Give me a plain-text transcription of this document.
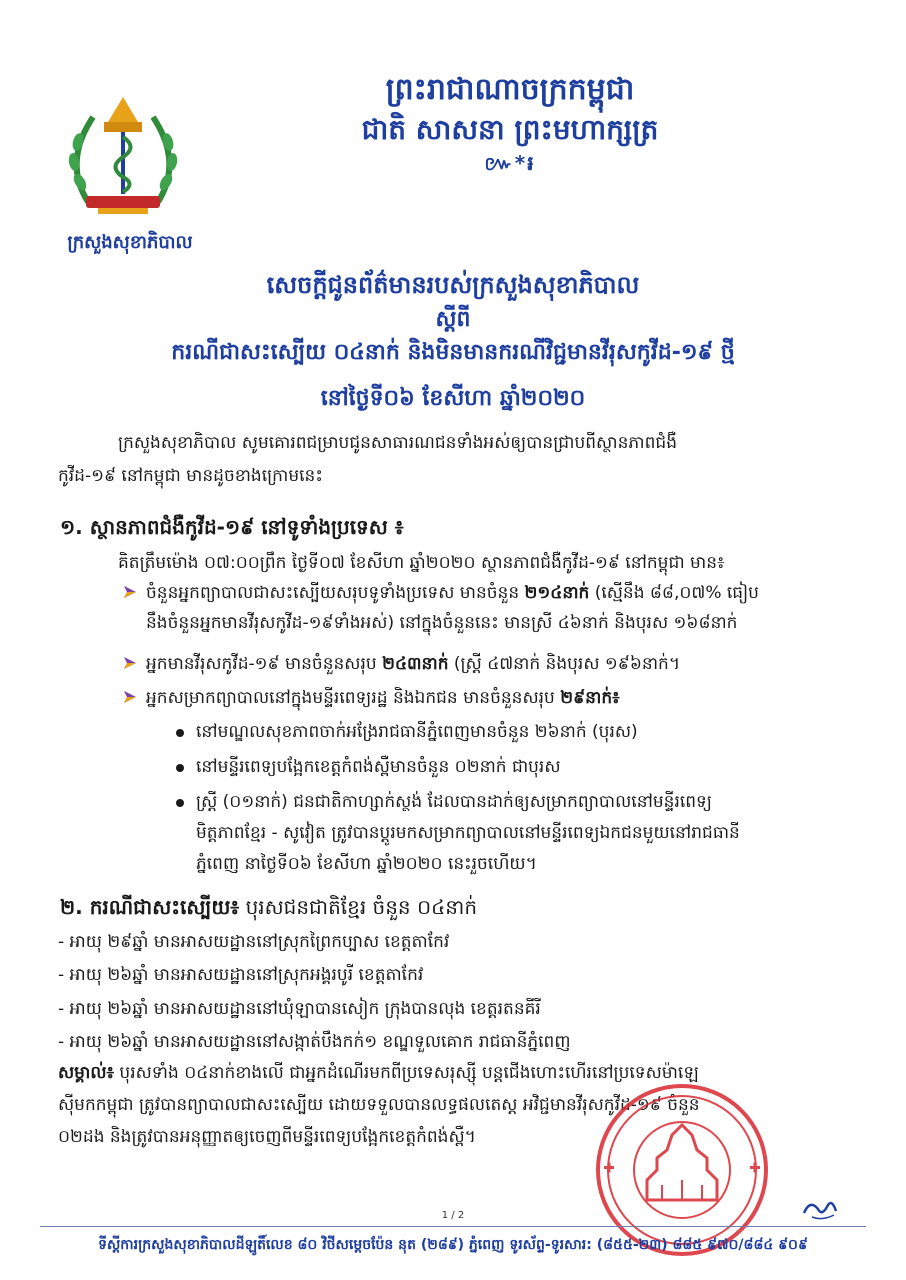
ព្រះរាជាណាចក្រកម្ពុជា
ជាតិ សាសនា ព្រះមហាក្សត្រ
៚*៛
ក្រសួងសុខាភិបាល
សេចក្តីជូនព័ត៌មានរបស់ក្រសួងសុខាភិបាល
ស្តីពី
ករណីជាសះស្បើយ ០៤នាក់ និងមិនមានករណីវិជ្ជមានវីរុសកូវីដ-១៩ ថ្មី
នៅថ្ងៃទី០៦ ខែសីហា ឆ្នាំ២០២០
ក្រសួងសុខាភិបាល សូមគោរពជម្រាបជូនសាធារណជនទាំងអស់ឲ្យបានជ្រាបពីស្ថានភាពជំងឺ
កូវីដ-១៩ នៅកម្ពុជា មានដូចខាងក្រោមនេះ
១. ស្ថានភាពជំងឺកូវីដ-១៩ នៅទូទាំងប្រទេស ៖
គិតត្រឹមម៉ោង ០៧:០០ព្រឹក ថ្ងៃទី០៧ ខែសីហា ឆ្នាំ២០២០ ស្ថានភាពជំងឺកូវីដ-១៩ នៅកម្ពុជា មាន៖
ចំនួនអ្នកព្យាបាលជាសះស្បើយសរុបទូទាំងប្រទេស មានចំនួន ២១៤នាក់ (ស្មើនឹង ៨៨,០៧% ធៀប
នឹងចំនួនអ្នកមានវីរុសកូវីដ-១៩ទាំងអស់) នៅក្នុងចំនួននេះ មានស្រី ៤៦នាក់ និងបុរស ១៦៨នាក់
អ្នកមានវីរុសកូវីដ-១៩ មានចំនួនសរុប ២៤៣នាក់ (ស្ត្រី ៤៧នាក់ និងបុរស ១៩៦នាក់។
អ្នកសម្រាកព្យាបាលនៅក្នុងមន្ទីរពេទ្យរដ្ឋ និងឯកជន មានចំនួនសរុប ២៩នាក់៖
នៅមណ្ឌលសុខភាពចាក់អង្រែរាជធានីភ្នំពេញមានចំនួន ២៦នាក់ (បុរស)
នៅមន្ទីរពេទ្យបង្អែកខេត្តកំពង់ស្ពឺមានចំនួន ០២នាក់ ជាបុរស
ស្ត្រី (០១នាក់) ជនជាតិកាហ្សាក់ស្ថង់ ដែលបានដាក់ឲ្យសម្រាកព្យាបាលនៅមន្ទីរពេទ្យ
មិត្តភាពខ្មែរ - សូវៀត ត្រូវបានប្ដូរមកសម្រាកព្យាបាលនៅមន្ទីរពេទ្យឯកជនមួយនៅរាជធានី
ភ្នំពេញ នាថ្ងៃទី០៦ ខែសីហា ឆ្នាំ២០២០ នេះរួចហើយ។
២. ករណីជាសះស្បើយ៖ បុរសជនជាតិខ្មែរ ចំនួន ០៤នាក់
- អាយុ ២៩ឆ្នាំ មានអាសយដ្ឋាននៅស្រុកព្រៃកប្បាស ខេត្តតាកែវ
- អាយុ ២៦ឆ្នាំ មានអាសយដ្ឋាននៅស្រុកអង្គរបូរី ខេត្តតាកែវ
- អាយុ ២៦ឆ្នាំ មានអាសយដ្ឋាននៅឃុំឡាបានសៀក ក្រុងបានលុង ខេត្តរតនគីរី
- អាយុ ២៦ឆ្នាំ មានអាសយដ្ឋាននៅសង្កាត់បឹងកក់១ ខណ្ឌទួលគោក រាជធានីភ្នំពេញ
សម្គាល់៖ បុរសទាំង ០៤នាក់ខាងលើ ជាអ្នកដំណើរមកពីប្រទេសរុស្ស៊ី បន្តជើងហោះហើរនៅប្រទេសម៉ាឡេ
ស៊ីមកកម្ពុជា ត្រូវបានព្យាបាលជាសះស្បើយ ដោយទទួលបានលទ្ធផលតេស្ត អវិជ្ជមានវីរុសកូវីដ-១៩ ចំនួន
០២ដង និងត្រូវបានអនុញ្ញាតឲ្យចេញពីមន្ទីរពេទ្យបង្អែកខេត្តកំពង់ស្ពឺ។
1 / 2
ទីស្តីការក្រសួងសុខាភិបាលដីឡូតិ៍លេខ ៨០ វិថីសម្តេចប៉ែន នុត (២៨៩) ភ្នំពេញ ទូរស័ព្ទ-ទូរសារ: (៨៥៥-២៣) ៨៨៥ ៩៧០/៨៨៤ ៩០៩
